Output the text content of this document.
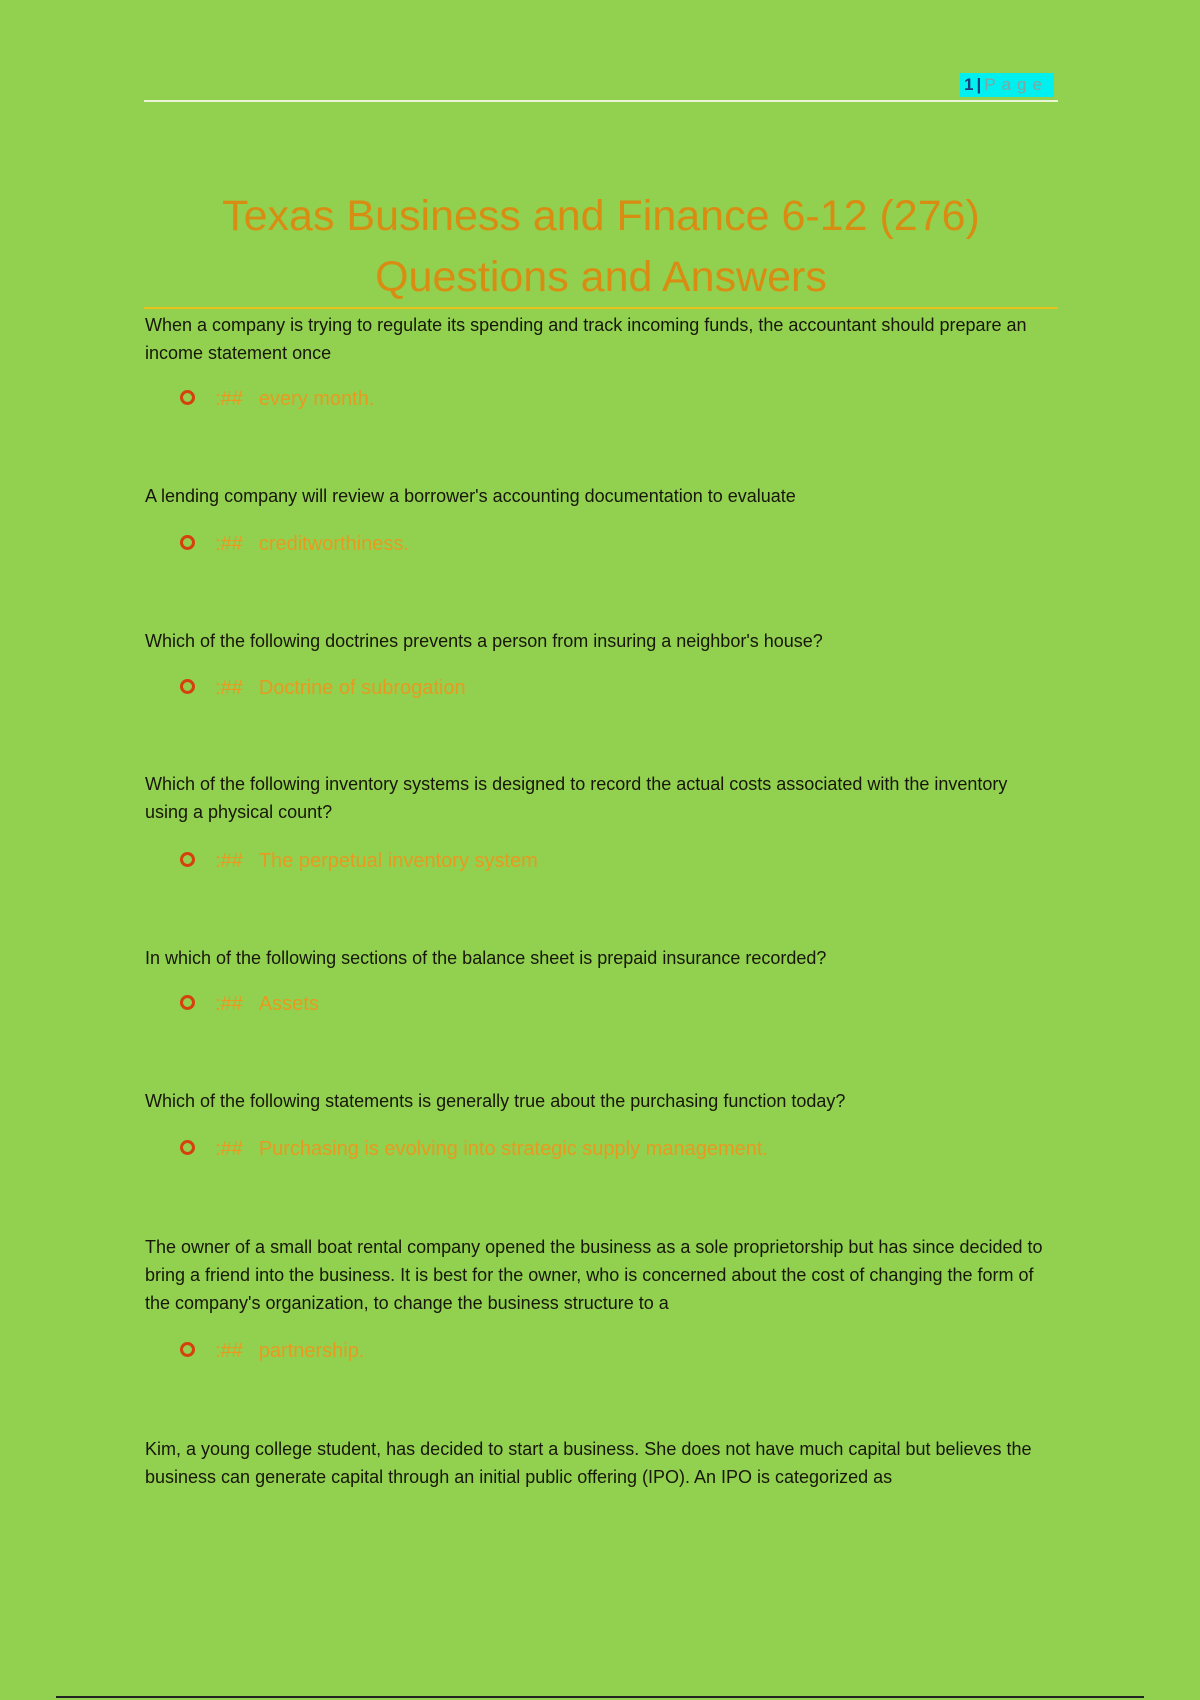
1 | Page
Texas Business and Finance 6-12 (276)
Questions and Answers
When a company is trying to regulate its spending and track incoming funds, the accountant should prepare an income statement once
:## every month.
A lending company will review a borrower's accounting documentation to evaluate
:## creditworthiness.
Which of the following doctrines prevents a person from insuring a neighbor's house?
:## Doctrine of subrogation
Which of the following inventory systems is designed to record the actual costs associated with the inventory using a physical count?
:## The perpetual inventory system
In which of the following sections of the balance sheet is prepaid insurance recorded?
:## Assets
Which of the following statements is generally true about the purchasing function today?
:## Purchasing is evolving into strategic supply management.
The owner of a small boat rental company opened the business as a sole proprietorship but has since decided to bring a friend into the business. It is best for the owner, who is concerned about the cost of changing the form of the company's organization, to change the business structure to a
:## partnership.
Kim, a young college student, has decided to start a business. She does not have much capital but believes the business can generate capital through an initial public offering (IPO). An IPO is categorized as
